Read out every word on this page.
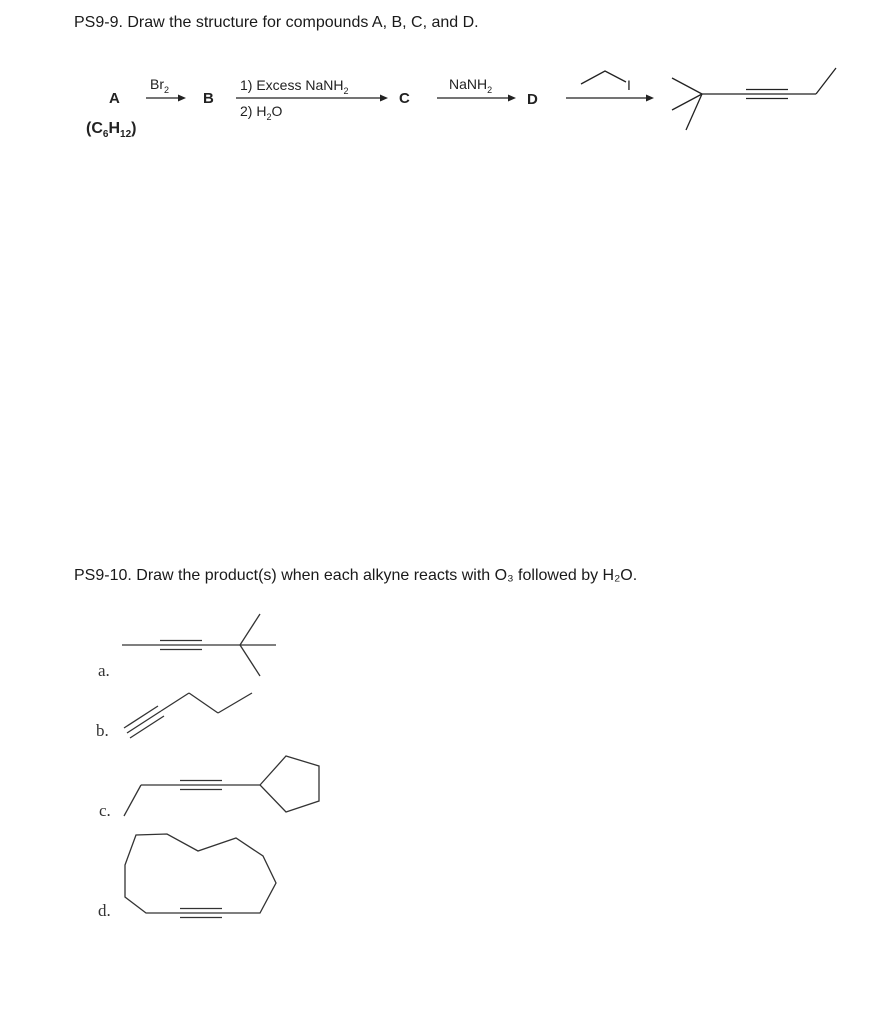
PS9-9. Draw the structure for compounds A, B, C, and D.
A
$(C_6H_{12})$
$Br_2$ B
1) Excess NaNH$_2$
2) $H_2O$
C
NaNH$_2$
D
I
PS9-10. Draw the product(s) when each alkyne reacts with O₃ followed by H₂O.
a.
b.
c.
d.
